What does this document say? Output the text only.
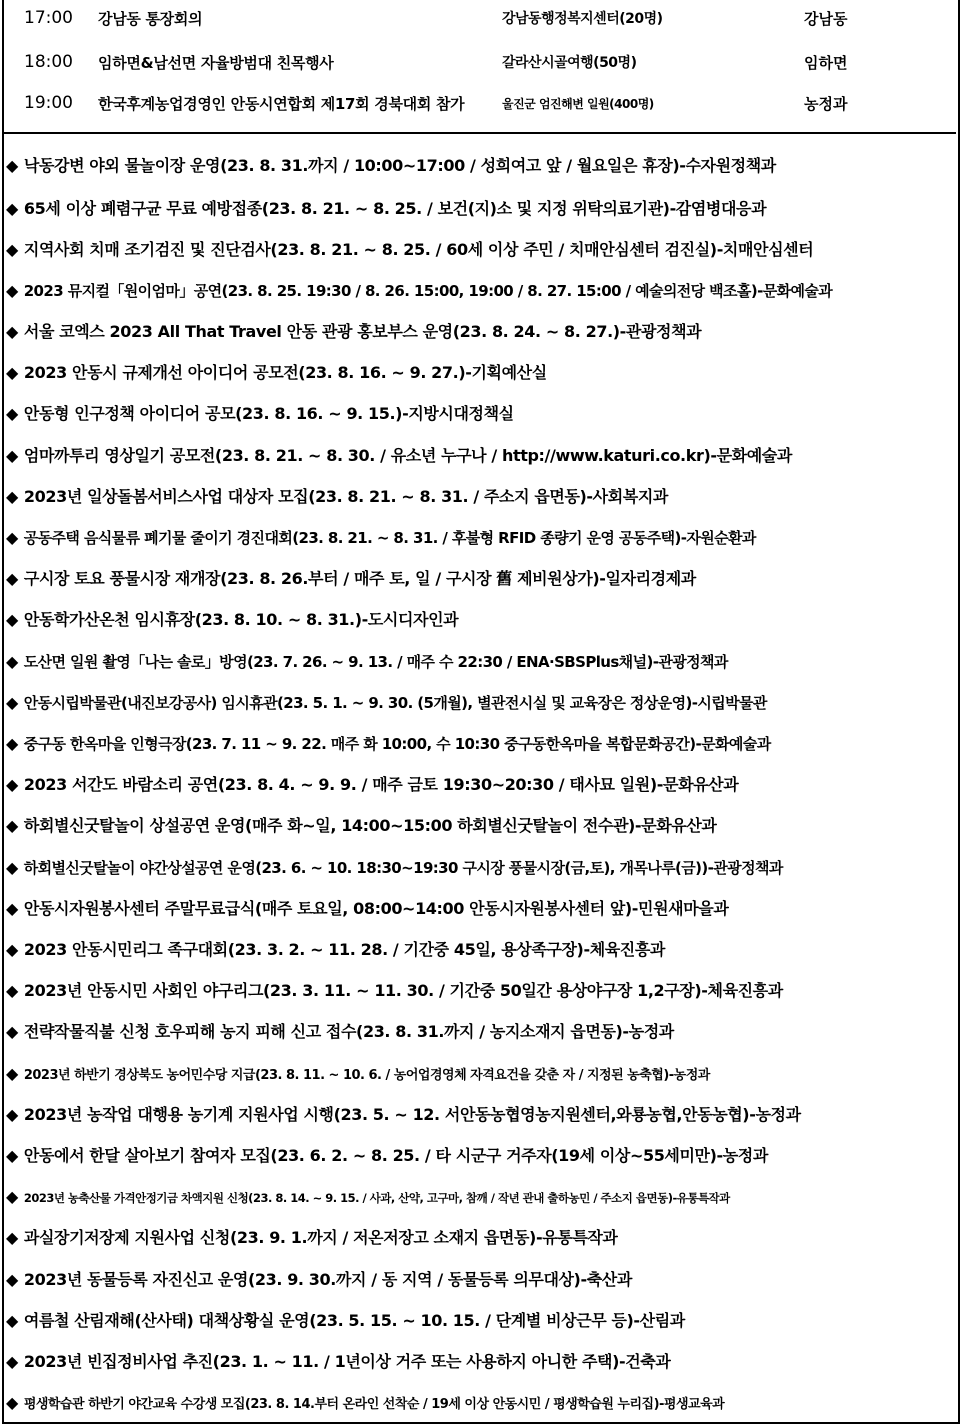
17:00 강남동 통장회의	강남동행정복지센터(20명)	강남동
18:00 임하면&남선면 자율방범대 친목행사	갈라산시골여행(50명)	임하면
19:00 한국후계농업경영인 안동시연합회 제17회 경북대회 참가	울진군 엄진해변 일원(400명)	농정과
◆ 낙동강변 야외 물놀이장 운영(23. 8. 31.까지 / 10:00~17:00 / 성희여고 앞 / 월요일은 휴장)-수자원정책과
◆ 65세 이상 폐렴구균 무료 예방접종(23. 8. 21. ~ 8. 25. / 보건(지)소 및 지정 위탁의료기관)-감염병대응과
◆ 지역사회 치매 조기검진 및 진단검사(23. 8. 21. ~ 8. 25. / 60세 이상 주민 / 치매안심센터 검진실)-치매안심센터
◆ 2023 뮤지컬「원이엄마」공연(23. 8. 25. 19:30 / 8. 26. 15:00, 19:00 / 8. 27. 15:00 / 예술의전당 백조홀)-문화예술과
◆ 서울 코엑스 2023 All That Travel 안동 관광 홍보부스 운영(23. 8. 24. ~ 8. 27.)-관광정책과
◆ 2023 안동시 규제개선 아이디어 공모전(23. 8. 16. ~ 9. 27.)-기획예산실
◆ 안동형 인구정책 아이디어 공모(23. 8. 16. ~ 9. 15.)-지방시대정책실
◆ 엄마까투리 영상일기 공모전(23. 8. 21. ~ 8. 30. / 유소년 누구나 / http://www.katuri.co.kr)-문화예술과
◆ 2023년 일상돌봄서비스사업 대상자 모집(23. 8. 21. ~ 8. 31. / 주소지 읍면동)-사회복지과
◆ 공동주택 음식물류 폐기물 줄이기 경진대회(23. 8. 21. ~ 8. 31. / 후불형 RFID 종량기 운영 공동주택)-자원순환과
◆ 구시장 토요 풍물시장 재개장(23. 8. 26.부터 / 매주 토, 일 / 구시장 舊 제비원상가)-일자리경제과
◆ 안동학가산온천 임시휴장(23. 8. 10. ~ 8. 31.)-도시디자인과
◆ 도산면 일원 촬영「나는 솔로」방영(23. 7. 26. ~ 9. 13. / 매주 수 22:30 / ENA·SBSPlus채널)-관광정책과
◆ 안동시립박물관(내진보강공사) 임시휴관(23. 5. 1. ~ 9. 30. (5개월), 별관전시실 및 교육장은 정상운영)-시립박물관
◆ 중구동 한옥마을 인형극장(23. 7. 11 ~ 9. 22. 매주 화 10:00, 수 10:30 중구동한옥마을 복합문화공간)-문화예술과
◆ 2023 서간도 바람소리 공연(23. 8. 4. ~ 9. 9. / 매주 금토 19:30~20:30 / 태사묘 일원)-문화유산과
◆ 하회별신굿탈놀이 상설공연 운영(매주 화~일, 14:00~15:00 하회별신굿탈놀이 전수관)-문화유산과
◆ 하회별신굿탈놀이 야간상설공연 운영(23. 6. ~ 10. 18:30~19:30 구시장 풍물시장(금,토), 개목나루(금))-관광정책과
◆ 안동시자원봉사센터 주말무료급식(매주 토요일, 08:00~14:00 안동시자원봉사센터 앞)-민원새마을과
◆ 2023 안동시민리그 족구대회(23. 3. 2. ~ 11. 28. / 기간중 45일, 용상족구장)-체육진흥과
◆ 2023년 안동시민 사회인 야구리그(23. 3. 11. ~ 11. 30. / 기간중 50일간 용상야구장 1,2구장)-체육진흥과
◆ 전략작물직불 신청 호우피해 농지 피해 신고 접수(23. 8. 31.까지 / 농지소재지 읍면동)-농정과
◆ 2023년 하반기 경상북도 농어민수당 지급(23. 8. 11. ~ 10. 6. / 농어업경영체 자격요건을 갖춘 자 / 지정된 농축협)-농정과
◆ 2023년 농작업 대행용 농기계 지원사업 시행(23. 5. ~ 12. 서안동농협영농지원센터,와룡농협,안동농협)-농정과
◆ 안동에서 한달 살아보기 참여자 모집(23. 6. 2. ~ 8. 25. / 타 시군구 거주자(19세 이상~55세미만)-농정과
◆ 2023년 농축산물 가격안정기금 차액지원 신청(23. 8. 14. ~ 9. 15. / 사과, 산약, 고구마, 참깨 / 작년 관내 출하농민 / 주소지 읍면동)-유통특작과
◆ 과실장기저장제 지원사업 신청(23. 9. 1.까지 / 저온저장고 소재지 읍면동)-유통특작과
◆ 2023년 동물등록 자진신고 운영(23. 9. 30.까지 / 동 지역 / 동물등록 의무대상)-축산과
◆ 여름철 산림재해(산사태) 대책상황실 운영(23. 5. 15. ~ 10. 15. / 단계별 비상근무 등)-산림과
◆ 2023년 빈집정비사업 추진(23. 1. ~ 11. / 1년이상 거주 또는 사용하지 아니한 주택)-건축과
◆ 평생학습관 하반기 야간교육 수강생 모집(23. 8. 14.부터 온라인 선착순 / 19세 이상 안동시민 / 평생학습원 누리집)-평생교육과
